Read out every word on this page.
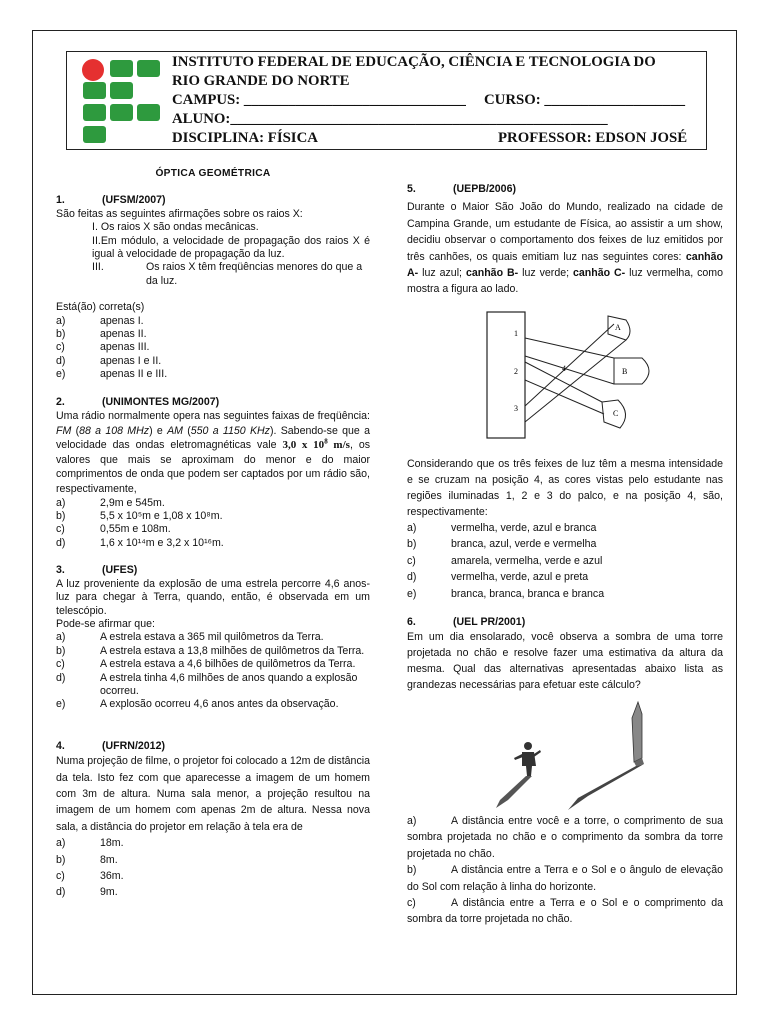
INSTITUTO FEDERAL DE EDUCAÇÃO, CIÊNCIA E TECNOLOGIA DO
RIO GRANDE DO NORTE
CAMPUS: ______________________________ CURSO: ___________________
ALUNO:___________________________________________________
DISCIPLINA: FÍSICA	PROFESSOR: EDSON JOSÉ

ÓPTICA GEOMÉTRICA

1.	(UFSM/2007)

São feitas as seguintes afirmações sobre os raios X:

I. Os raios X são ondas mecânicas.

II.Em módulo, a velocidade de propagação dos raios X é igual à velocidade de propagação da luz.

III.	Os raios X têm freqüências menores do que a da luz.

Está(ão) correta(s)

a)	apenas I.
b)	apenas II.
c)	apenas III.
d)	apenas I e II.
e)	apenas II e III.

2.	(UNIMONTES MG/2007)

Uma rádio normalmente opera nas seguintes faixas de freqüência: FM (88 a 108 MHz) e AM (550 a 1150 KHz). Sabendo-se que a velocidade das ondas eletromagnéticas vale 3,0 x $10^8$ m/s, os valores que mais se aproximam do menor e do maior comprimentos de onda que podem ser captados por um rádio são, respectivamente,

a)	2,9m e 545m.
b)	5,5 x 10⁵m e 1,08 x 10⁸m.
c)	0,55m e 108m.
d)	1,6 x 10¹⁴m e 3,2 x 10¹⁶m.

3.	(UFES)

A luz proveniente da explosão de uma estrela percorre 4,6 anos-luz para chegar à Terra, quando, então, é observada em um telescópio.

Pode-se afirmar que:

a)	A estrela estava a 365 mil quilômetros da Terra.
b)	A estrela estava a 13,8 milhões de quilômetros da Terra.
c)	A estrela estava a 4,6 bilhões de quilômetros da Terra.
d)	A estrela tinha 4,6 milhões de anos quando a explosão ocorreu.
e)	A explosão ocorreu 4,6 anos antes da observação.

4.	(UFRN/2012)

Numa projeção de filme, o projetor foi colocado a 12m de distância da tela. Isto fez com que aparecesse a imagem de um homem com 3m de altura. Numa sala menor, a projeção resultou na imagem de um homem com apenas 2m de altura. Nessa nova sala, a distância do projetor em relação à tela era de

a)	18m.
b)	8m.
c)	36m.
d)	9m.

5.	(UEPB/2006)

Durante o Maior São João do Mundo, realizado na cidade de Campina Grande, um estudante de Física, ao assistir a um show, decidiu observar o comportamento dos feixes de luz emitidos por três canhões, os quais emitiam luz nas seguintes cores: canhão A- luz azul; canhão B- luz verde; canhão C- luz vermelha, como mostra a figura ao lado.

1
2
3
4
A
B
C

Considerando que os três feixes de luz têm a mesma intensidade e se cruzam na posição 4, as cores vistas pelo estudante nas regiões iluminadas 1, 2 e 3 do palco, e na posição 4, são, respectivamente:

a)	vermelha, verde, azul e branca
b)	branca, azul, verde e vermelha
c)	amarela, vermelha, verde e azul
d)	vermelha, verde, azul e preta
e)	branca, branca, branca e branca

6.	(UEL PR/2001)

Em um dia ensolarado, você observa a sombra de uma torre projetada no chão e resolve fazer uma estimativa da altura da mesma. Qual das alternativas apresentadas abaixo lista as grandezas necessárias para efetuar este cálculo?

a)	A distância entre você e a torre, o comprimento de sua sombra projetada no chão e o comprimento da sombra da torre projetada no chão.

b)	A distância entre a Terra e o Sol e o ângulo de elevação do Sol com relação à linha do horizonte.

c)	A distância entre a Terra e o Sol e o comprimento da sombra da torre projetada no chão.
